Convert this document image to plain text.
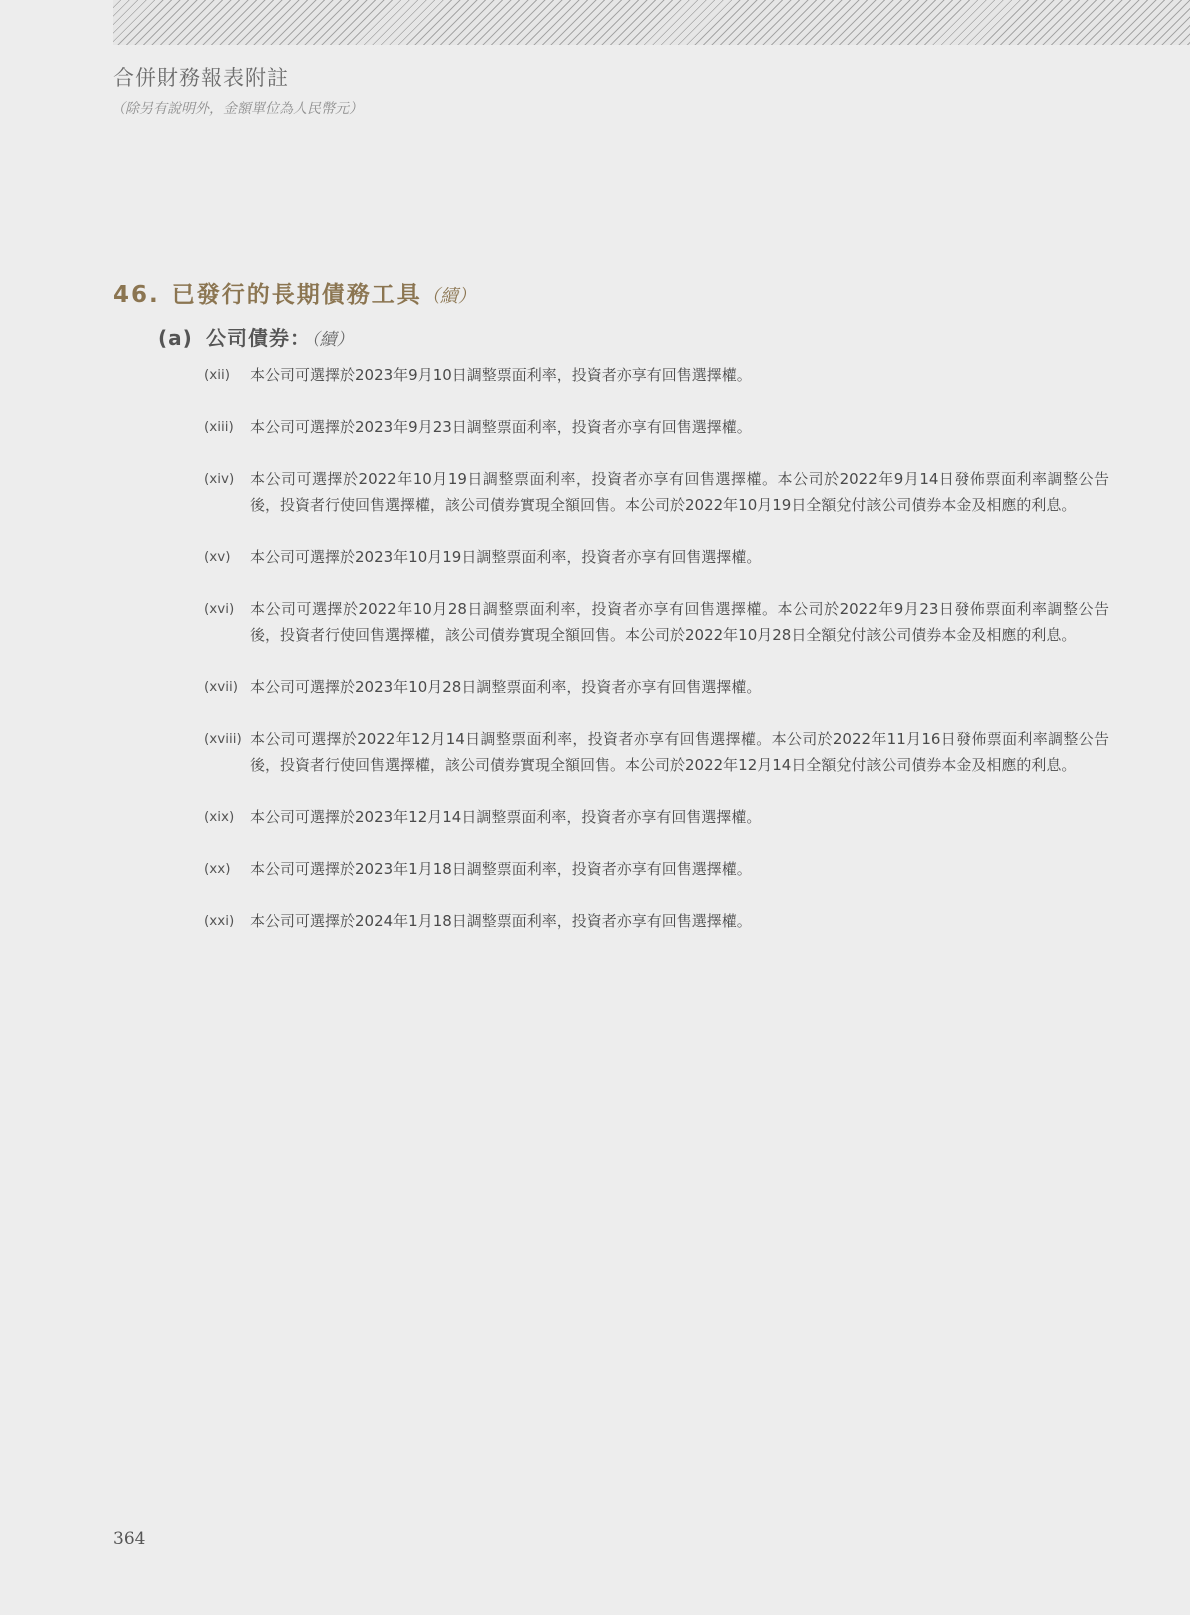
合併財務報表附註
（除另有說明外，金額單位為人民幣元）
46. 已發行的長期債務工具（續）
(a) 公司債券：（續）
(xii)	本公司可選擇於2023年9月10日調整票面利率，投資者亦享有回售選擇權。
(xiii)	本公司可選擇於2023年9月23日調整票面利率，投資者亦享有回售選擇權。
(xiv)	本公司可選擇於2022年10月19日調整票面利率，投資者亦享有回售選擇權。本公司於2022年9月14日發佈票面利率調整公告後，投資者行使回售選擇權，該公司債券實現全額回售。本公司於2022年10月19日全額兌付該公司債券本金及相應的利息。
(xv)	本公司可選擇於2023年10月19日調整票面利率，投資者亦享有回售選擇權。
(xvi)	本公司可選擇於2022年10月28日調整票面利率，投資者亦享有回售選擇權。本公司於2022年9月23日發佈票面利率調整公告後，投資者行使回售選擇權，該公司債券實現全額回售。本公司於2022年10月28日全額兌付該公司債券本金及相應的利息。
(xvii) 本公司可選擇於2023年10月28日調整票面利率，投資者亦享有回售選擇權。
(xviii) 本公司可選擇於2022年12月14日調整票面利率，投資者亦享有回售選擇權。本公司於2022年11月16日發佈票面利率調整公告後，投資者行使回售選擇權，該公司債券實現全額回售。本公司於2022年12月14日全額兌付該公司債券本金及相應的利息。
(xix)	本公司可選擇於2023年12月14日調整票面利率，投資者亦享有回售選擇權。
(xx)	本公司可選擇於2023年1月18日調整票面利率，投資者亦享有回售選擇權。
(xxi)	本公司可選擇於2024年1月18日調整票面利率，投資者亦享有回售選擇權。
364
